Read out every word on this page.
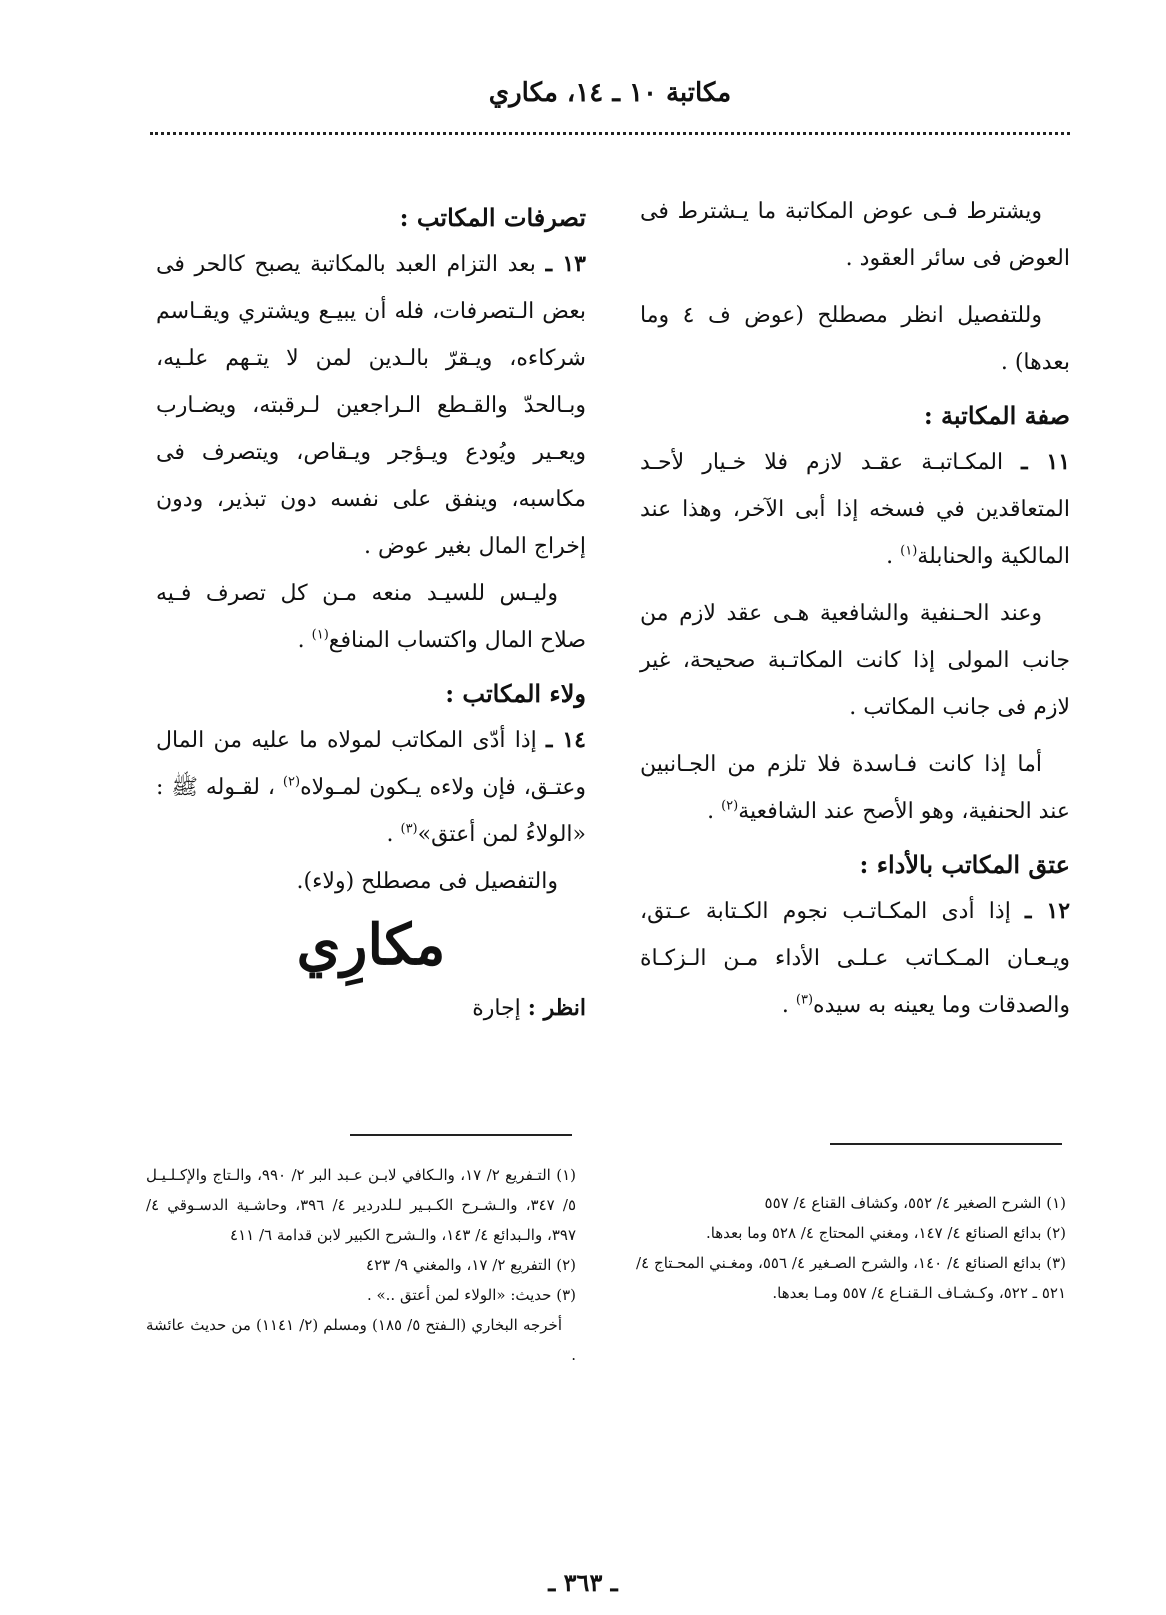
مكاتبة ١٠ ـ ١٤، مكاري

ويشترط فـى عوض المكاتبة ما يـشترط فى العوض فى سائر العقود .

وللتفصيل انظر مصطلح (عوض ف ٤ وما بعدها) .

صفة المكاتبة :

١١ ـ المكـاتبـة عقـد لازم فلا خـيار لأحـد المتعاقدين في فسخه إذا أبى الآخر، وهذا عند المالكية والحنابلة$^{(١)}$ .

وعند الحـنفية والشافعية هـى عقد لازم من جانب المولى إذا كانت المكاتـبة صحيحة، غير لازم فى جانب المكاتب .

أما إذا كانت فـاسدة فلا تلزم من الجـانبين عند الحنفية، وهو الأصح عند الشافعية$^{(٢)}$ .

عتق المكاتب بالأداء :

١٢ ـ إذا أدى المكـاتـب نجوم الكـتابة عـتق، ويـعـان المـكـاتب عـلـى الأداء مـن الـزكـاة والصدقات وما يعينه به سيده$^{(٣)}$ .

تصرفات المكاتب :

١٣ ـ بعد التزام العبد بالمكاتبة يصبح كالحر فى بعض الـتصرفات، فله أن يبيـع ويشتري ويقـاسم شركاءه، ويـقرّ بالـدين لمن لا يتـهم علـيه، وبـالحدّ والقـطع الـراجعين لـرقبته، ويضـارب ويعـير ويُودع ويـؤجر ويـقاص، ويتصرف فى مكاسبه، وينفق على نفسه دون تبذير، ودون إخراج المال بغير عوض .

وليـس للسيـد منعه مـن كل تصرف فـيه صلاح المال واكتساب المنافع$^{(١)}$ .

ولاء المكاتب :

١٤ ـ إذا أدّى المكاتب لمولاه ما عليه من المال وعتـق، فإن ولاءه يـكون لمـولاه$^{(٢)}$ ، لقـوله ﷺ : «الولاءُ لمن أعتق»$^{(٣)}$ .

والتفصيل فى مصطلح (ولاء).

مكارِي

انظر : إجارة

(١) الشرح الصغير ٤/ ٥٥٢، وكشاف القناع ٤/ ٥٥٧

(٢) بدائع الصنائع ٤/ ١٤٧، ومغني المحتاج ٤/ ٥٢٨ وما بعدها.

(٣) بدائع الصنائع ٤/ ١٤٠، والشرح الصـغير ٤/ ٥٥٦، ومغـني المحـتاج ٤/ ٥٢١ ـ ٥٢٢، وكـشـاف الـقنـاع ٤/ ٥٥٧ ومـا بعدها.

(١) التـفريع ٢/ ١٧، والـكافي لابـن عـبد البر ٢/ ٩٩٠، والـتاج والإكـلـيـل ٥/ ٣٤٧، والـشـرح الكـبـير لـلدردير ٤/ ٣٩٦، وحاشـية الدسـوقي ٤/ ٣٩٧، والـبدائع ٤/ ١٤٣، والـشرح الكبير لابن قدامة ٦/ ٤١١

(٢) التفريع ٢/ ١٧، والمغني ٩/ ٤٢٣

(٣) حديث: «الولاء لمن أعتق ..» .

أخرجه البخاري (الـفتح ٥/ ١٨٥) ومسلم (٢/ ١١٤١) من حديث عائشة .

ـ ٣٦٣ ـ
